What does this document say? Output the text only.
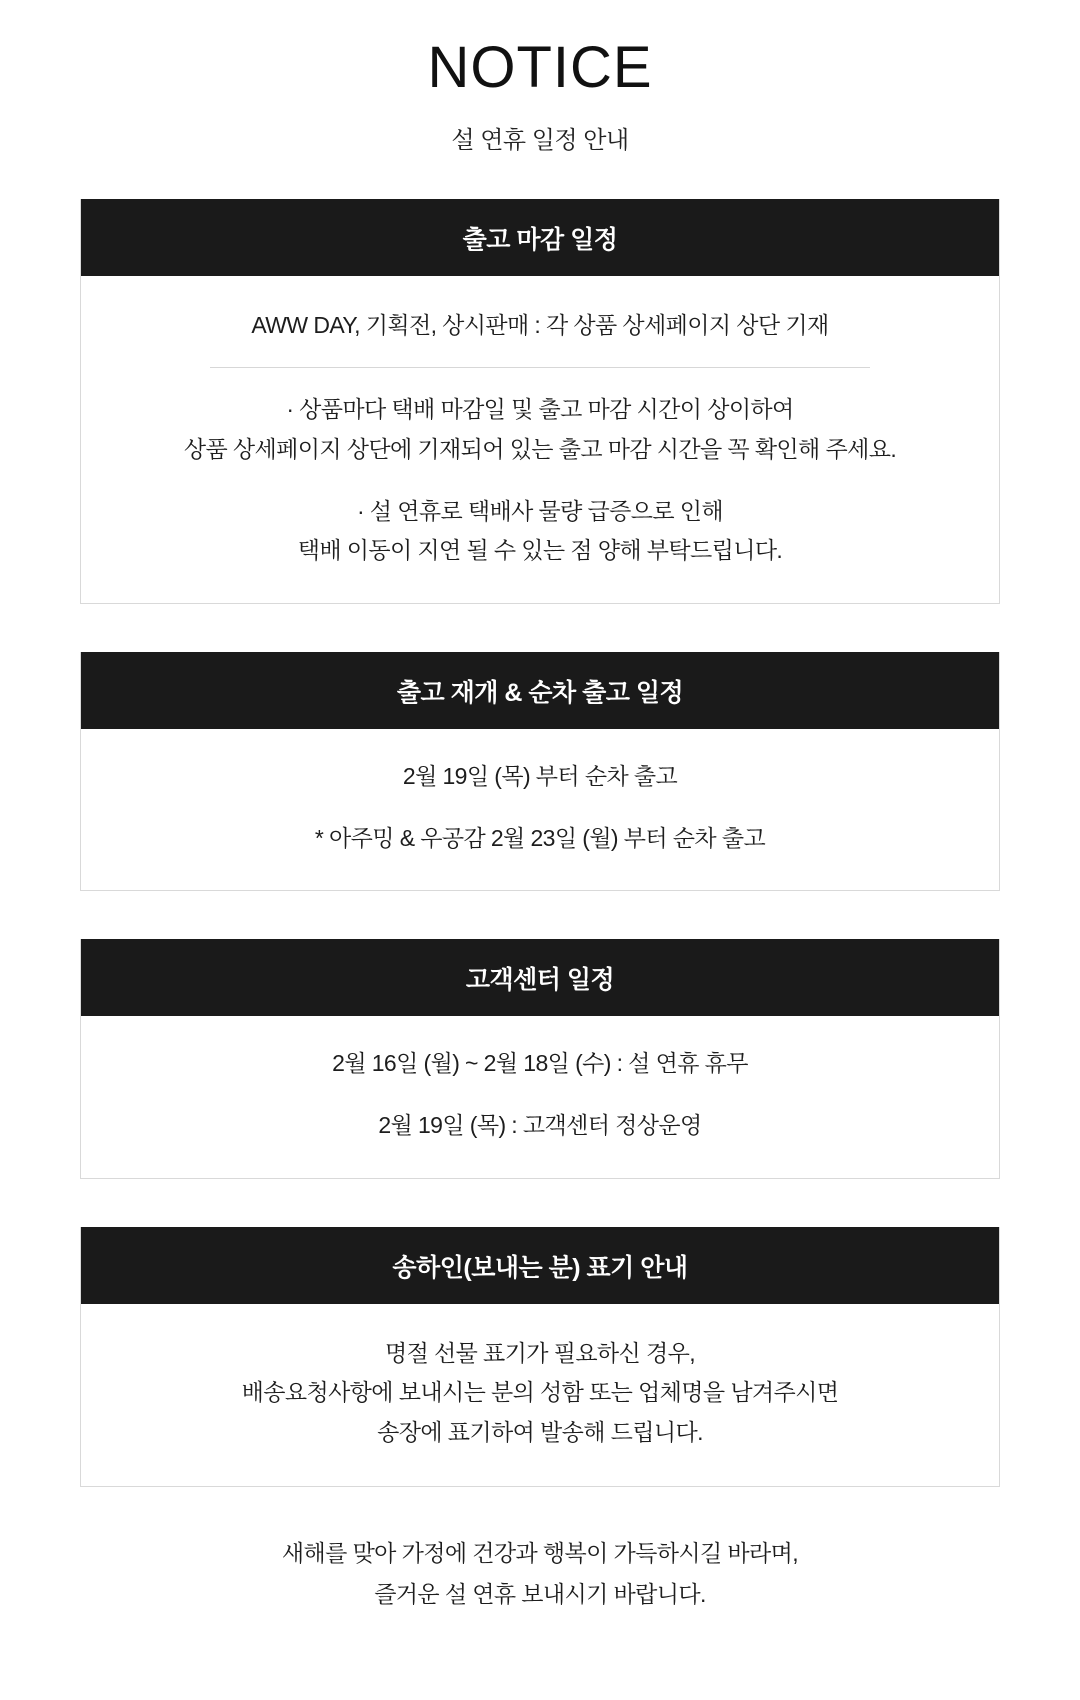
NOTICE
설 연휴 일정 안내
출고 마감 일정

AWW DAY, 기획전, 상시판매 : 각 상품 상세페이지 상단 기재

· 상품마다 택배 마감일 및 출고 마감 시간이 상이하여

상품 상세페이지 상단에 기재되어 있는 출고 마감 시간을 꼭 확인해 주세요.

· 설 연휴로 택배사 물량 급증으로 인해

택배 이동이 지연 될 수 있는 점 양해 부탁드립니다.

출고 재개 & 순차 출고 일정

2월 19일 (목) 부터 순차 출고

* 아주밍 & 우공감 2월 23일 (월) 부터 순차 출고

고객센터 일정

2월 16일 (월) ~ 2월 18일 (수) : 설 연휴 휴무

2월 19일 (목) : 고객센터 정상운영

송하인(보내는 분) 표기 안내

명절 선물 표기가 필요하신 경우,

배송요청사항에 보내시는 분의 성함 또는 업체명을 남겨주시면

송장에 표기하여 발송해 드립니다.

새해를 맞아 가정에 건강과 행복이 가득하시길 바라며,

즐거운 설 연휴 보내시기 바랍니다.
